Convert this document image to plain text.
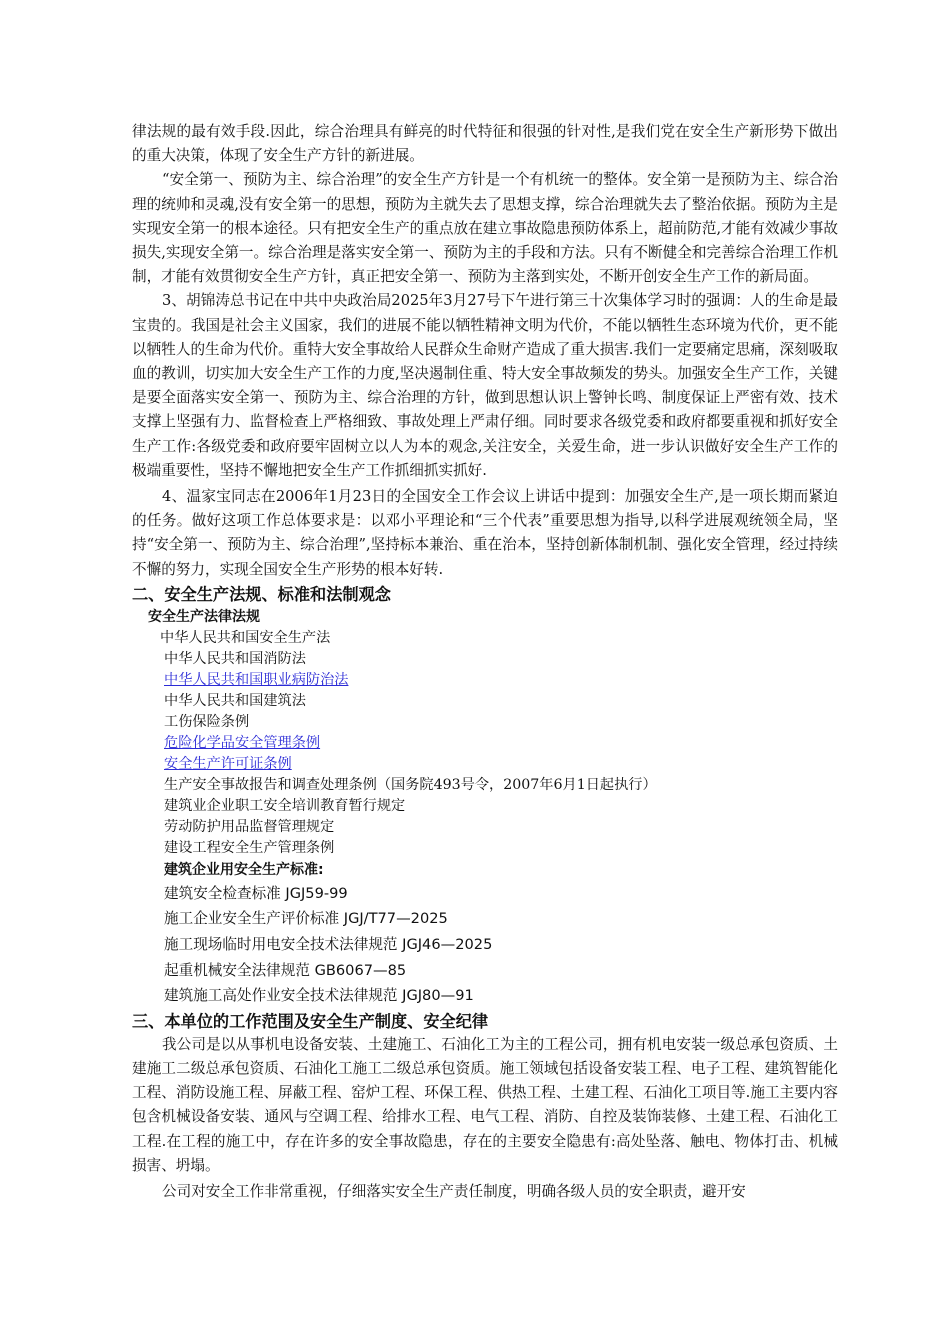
律法规的最有效手段.因此，综合治理具有鲜亮的时代特征和很强的针对性,是我们党在安全生产新形势下做出的重大决策，体现了安全生产方针的新进展。

“安全第一、预防为主、综合治理”的安全生产方针是一个有机统一的整体。安全第一是预防为主、综合治理的统帅和灵魂,没有安全第一的思想，预防为主就失去了思想支撑，综合治理就失去了整治依据。预防为主是实现安全第一的根本途径。只有把安全生产的重点放在建立事故隐患预防体系上，超前防范,才能有效减少事故损失,实现安全第一。综合治理是落实安全第一、预防为主的手段和方法。只有不断健全和完善综合治理工作机制，才能有效贯彻安全生产方针，真正把安全第一、预防为主落到实处，不断开创安全生产工作的新局面。

3、胡锦涛总书记在中共中央政治局2025年3月27号下午进行第三十次集体学习时的强调：人的生命是最宝贵的。我国是社会主义国家，我们的进展不能以牺牲精神文明为代价，不能以牺牲生态环境为代价，更不能以牺牲人的生命为代价。重特大安全事故给人民群众生命财产造成了重大损害.我们一定要痛定思痛，深刻吸取血的教训，切实加大安全生产工作的力度,坚决遏制住重、特大安全事故频发的势头。加强安全生产工作，关键是要全面落实安全第一、预防为主、综合治理的方针，做到思想认识上警钟长鸣、制度保证上严密有效、技术支撑上坚强有力、监督检查上严格细致、事故处理上严肃仔细。同时要求各级党委和政府都要重视和抓好安全生产工作:各级党委和政府要牢固树立以人为本的观念,关注安全，关爱生命，进一步认识做好安全生产工作的极端重要性，坚持不懈地把安全生产工作抓细抓实抓好.

4、温家宝同志在2006年1月23日的全国安全工作会议上讲话中提到：加强安全生产,是一项长期而紧迫的任务。做好这项工作总体要求是：以邓小平理论和“三个代表”重要思想为指导,以科学进展观统领全局，坚持“安全第一、预防为主、综合治理”,坚持标本兼治、重在治本，坚持创新体制机制、强化安全管理，经过持续不懈的努力，实现全国安全生产形势的根本好转.

二、安全生产法规、标准和法制观念
安全生产法律法规
中华人民共和国安全生产法
中华人民共和国消防法
中华人民共和国职业病防治法
中华人民共和国建筑法
工伤保险条例
危险化学品安全管理条例
安全生产许可证条例
生产安全事故报告和调查处理条例（国务院493号令，2007年6月1日起执行）
建筑业企业职工安全培训教育暂行规定
劳动防护用品监督管理规定
建设工程安全生产管理条例
建筑企业用安全生产标准:
建筑安全检查标准 JGJ59-99
施工企业安全生产评价标准 JGJ/T77—2025
施工现场临时用电安全技术法律规范 JGJ46—2025
起重机械安全法律规范 GB6067—85
建筑施工高处作业安全技术法律规范 JGJ80—91
三、本单位的工作范围及安全生产制度、安全纪律

我公司是以从事机电设备安装、土建施工、石油化工为主的工程公司，拥有机电安装一级总承包资质、土建施工二级总承包资质、石油化工施工二级总承包资质。施工领域包括设备安装工程、电子工程、建筑智能化工程、消防设施工程、屏蔽工程、窑炉工程、环保工程、供热工程、土建工程、石油化工项目等.施工主要内容包含机械设备安装、通风与空调工程、给排水工程、电气工程、消防、自控及装饰装修、土建工程、石油化工工程.在工程的施工中，存在许多的安全事故隐患，存在的主要安全隐患有:高处坠落、触电、物体打击、机械损害、坍塌。

公司对安全工作非常重视，仔细落实安全生产责任制度，明确各级人员的安全职责，避开安
